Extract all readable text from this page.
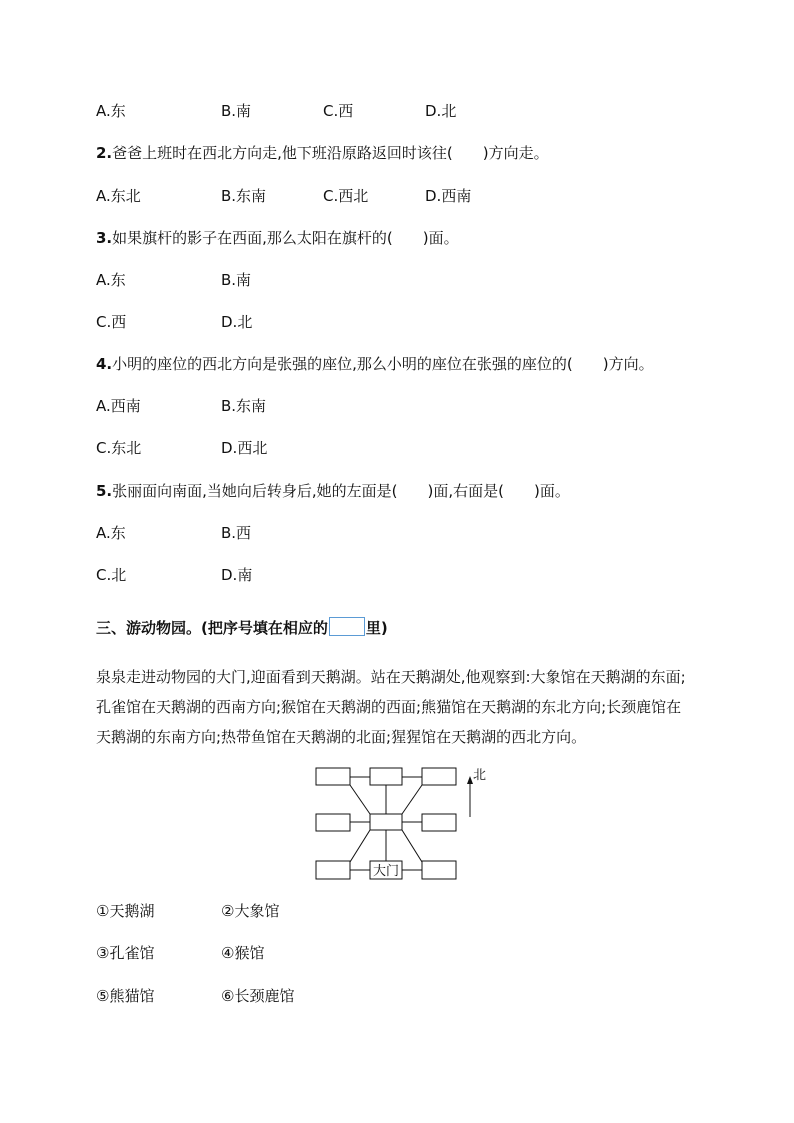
A.东	B.南	C.西	D.北
2.爸爸上班时在西北方向走,他下班沿原路返回时该往(　　)方向走。
A.东北	B.东南	C.西北	D.西南
3.如果旗杆的影子在西面,那么太阳在旗杆的(　　)面。
A.东	B.南
C.西	D.北
4.小明的座位的西北方向是张强的座位,那么小明的座位在张强的座位的(　　)方向。
A.西南	B.东南
C.东北	D.西北
5.张丽面向南面,当她向后转身后,她的左面是(　　)面,右面是(　　)面。
A.东	B.西
C.北	D.南
三、游动物园。(把序号填在相应的	里)
泉泉走进动物园的大门,迎面看到天鹅湖。站在天鹅湖处,他观察到:大象馆在天鹅湖的东面;孔雀馆在天鹅湖的西南方向;猴馆在天鹅湖的西面;熊猫馆在天鹅湖的东北方向;长颈鹿馆在天鹅湖的东南方向;热带鱼馆在天鹅湖的北面;猩猩馆在天鹅湖的西北方向。
大门
北
①天鹅湖	②大象馆
③孔雀馆	④猴馆
⑤熊猫馆	⑥长颈鹿馆
